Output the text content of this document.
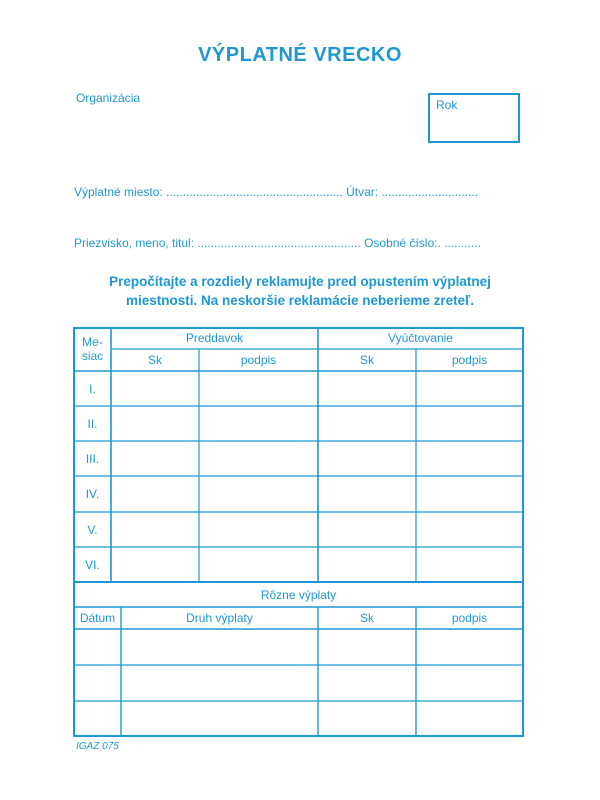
VÝPLATNÉ VRECKO
Organizácia	Rok
Výplatné miesto: ..................................................... Útvar: .............................
Priezvisko, meno, titul: ................................................. Osobné číslo:. ...........
Prepočítajte a rozdiely reklamujte pred opustením výplatnej
miestnosti. Na neskoršie reklamácie neberieme zreteľ.
Me-
siac
Preddavok	Vyúčtovanie
Sk	podpis	Sk	podpis
I.
II.
III.
IV.
V.
VI.
Rôzne výplaty
Dátum	Druh výplaty	Sk	podpis
IGAZ 075
